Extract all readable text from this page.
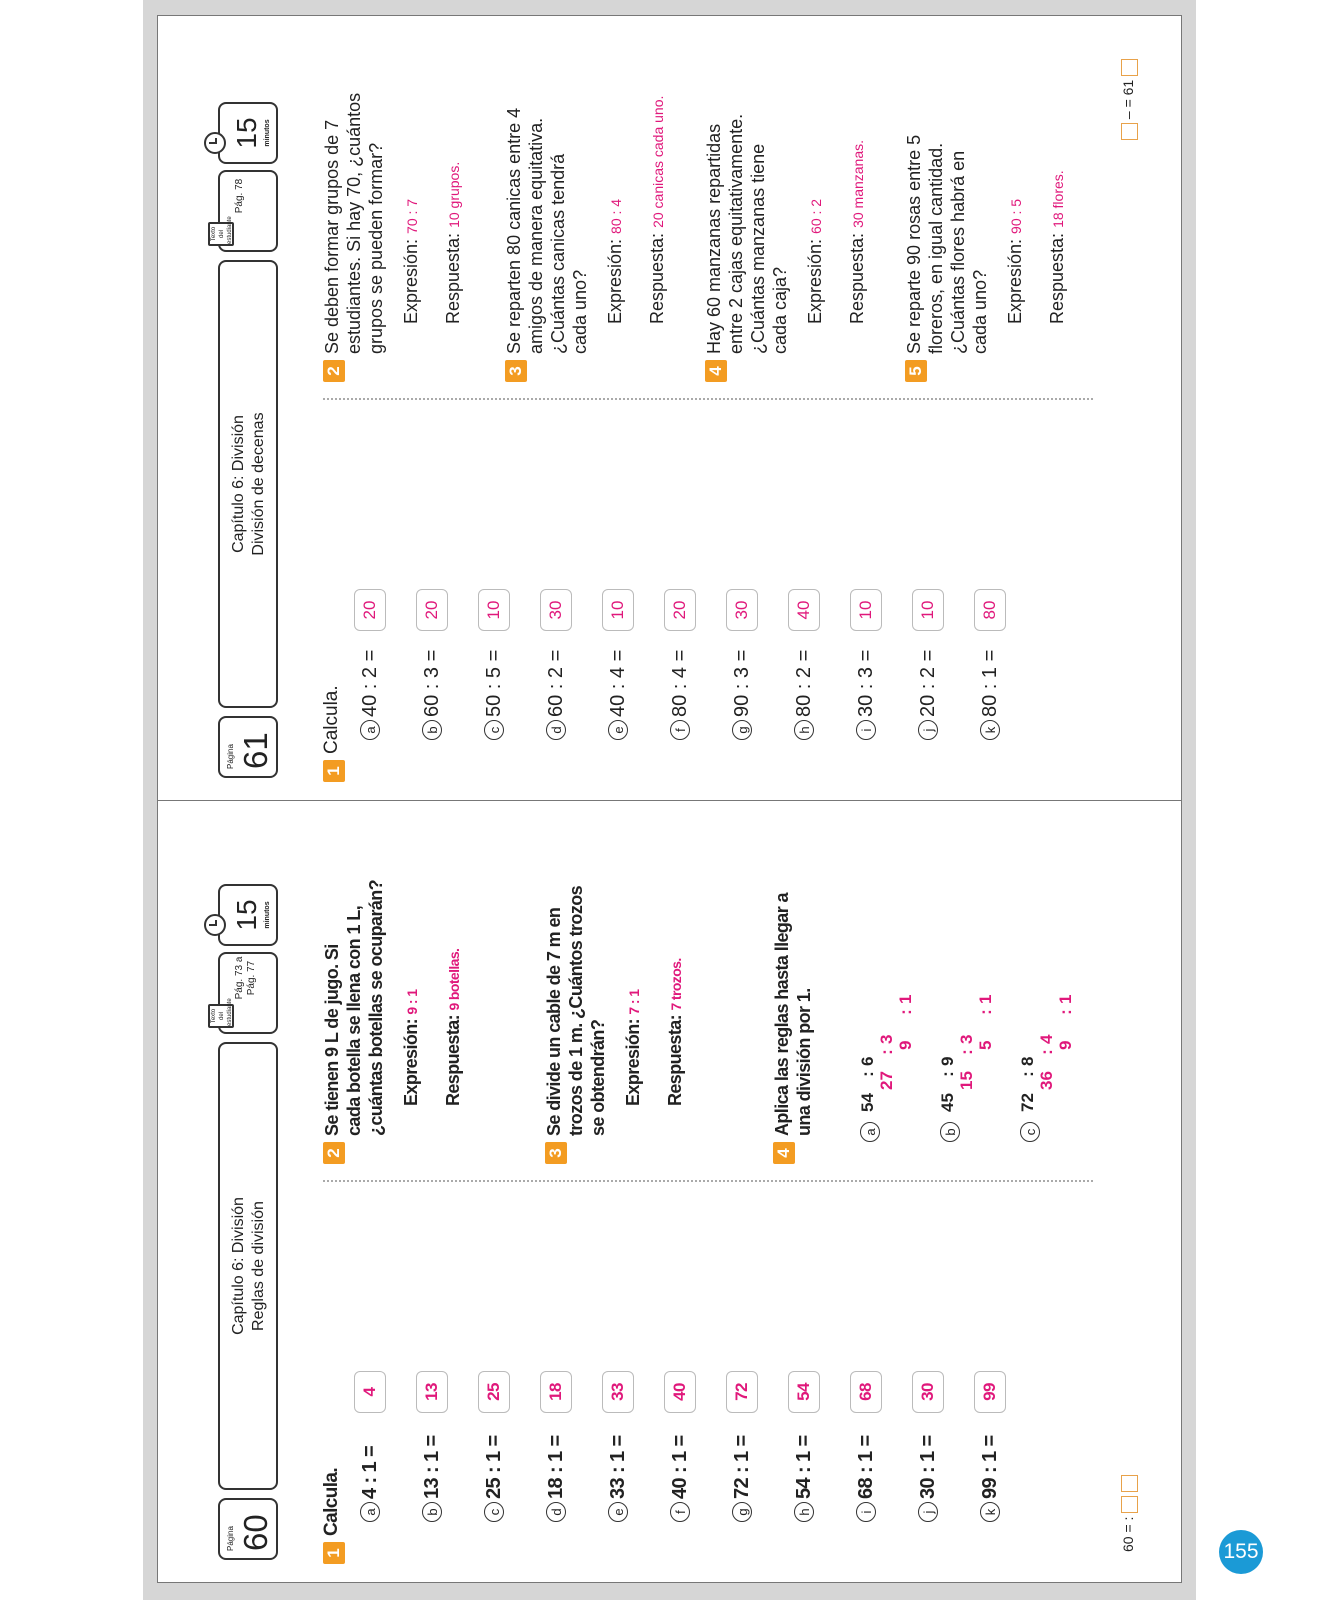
Página 61
Capítulo 6: División División de decenas
Texto del estudiante
Pág. 78
15 minutos
1
Calcula.	a40 : 2 =20
b60 : 3 =20
c50 : 5 =10
d60 : 2 =30
e40 : 4 =10
f80 : 4 =20
g90 : 3 =30
h80 : 2 =40
i30 : 3 =10
j20 : 2 =10
k80 : 1 =80
2
Se deben formar grupos de 7 estudiantes. Si hay 70, ¿cuántos grupos se pueden formar? Expresión: 70 : 7
Respuesta: 10 grupos.
3
Se reparten 80 canicas entre 4 amigos de manera equitativa. ¿Cuántas canicas tendrá cada uno? Expresión: 80 : 4
Respuesta: 20 canicas cada uno.
4
Hay 60 manzanas repartidas entre 2 cajas equitativamente. ¿Cuántas manzanas tiene cada caja? Expresión: 60 : 2
Respuesta: 30 manzanas.
5
Se reparte 90 rosas entre 5 floreros, en igual cantidad. ¿Cuántas flores habrá en cada uno? Expresión: 90 : 5
Respuesta: 18 flores.
– = 61
Página 60
Capítulo 6: División Reglas de división
Texto del estudiante
Pág. 73 a Pág. 77
15 minutos
1
Calcula.	a4 : 1 =4
b13 : 1 =13
c25 : 1 =25
d18 : 1 =18
e33 : 1 =33
f40 : 1 =40
g72 : 1 =72
h54 : 1 =54
i68 : 1 =68
j30 : 1 =30
k99 : 1 =99
2
Se tienen 9 L de jugo. Si cada botella se llena con 1 L, ¿cuántas botellas se ocuparán? Expresión: 9 : 1
Respuesta: 9 botellas.
3
Se divide un cable de 7 m en trozos de 1 m. ¿Cuántos trozos se obtendrán? Expresión: 7 : 1
Respuesta: 7 trozos.
4
Aplica las reglas hasta llegar a una división por 1.	a
54:6
27:3
9:1
b
45:9
15:3
5:1
c
72:8
36:4
9:1
60 = :	155
